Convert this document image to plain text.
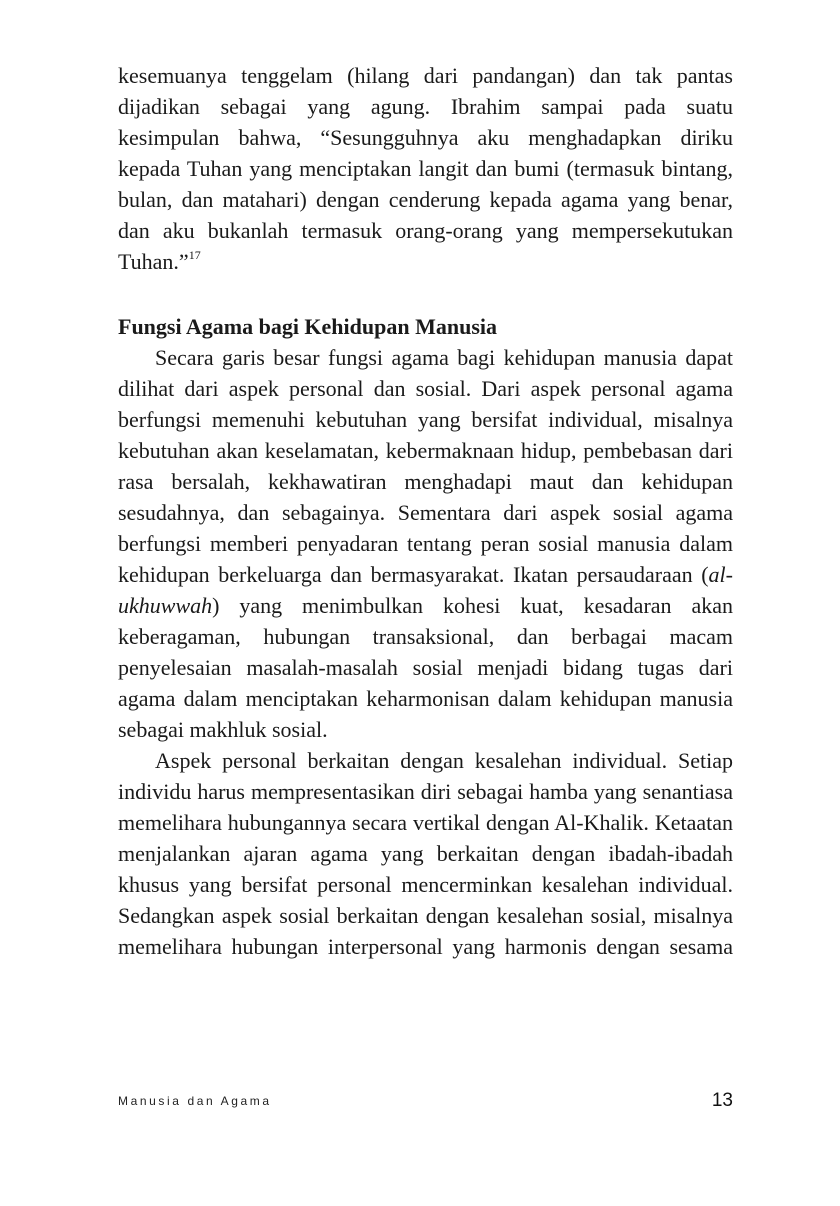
kesemuanya tenggelam (hilang dari pandangan) dan tak pantas dijadikan sebagai yang agung. Ibrahim sampai pada suatu kesimpulan bahwa, “Sesungguhnya aku menghadapkan diriku kepada Tuhan yang menciptakan langit dan bumi (termasuk bintang, bulan, dan matahari) dengan cenderung kepada agama yang benar, dan aku bukanlah termasuk orang-orang yang mempersekutukan Tuhan.”$^{17}$

Fungsi Agama bagi Kehidupan Manusia

Secara garis besar fungsi agama bagi kehidupan manusia dapat dilihat dari aspek personal dan sosial. Dari aspek personal agama berfungsi memenuhi kebutuhan yang bersifat individual, misalnya kebutuhan akan keselamatan, kebermaknaan hidup, pembebasan dari rasa bersalah, kekhawatiran menghadapi maut dan kehidupan sesudahnya, dan sebagainya. Sementara dari aspek sosial agama berfungsi memberi penyadaran tentang peran sosial manusia dalam kehidupan berkeluarga dan bermasyarakat. Ikatan persaudaraan (al-ukhuwwah) yang menimbulkan kohesi kuat, kesadaran akan keberagaman, hubungan transaksional, dan berbagai macam penyelesaian masalah-masalah sosial menjadi bidang tugas dari agama dalam menciptakan keharmonisan dalam kehidupan manusia sebagai makhluk sosial.

Aspek personal berkaitan dengan kesalehan individual. Setiap individu harus mempresentasikan diri sebagai hamba yang senantiasa memelihara hubungannya secara vertikal dengan Al-Khalik. Ketaatan menjalankan ajaran agama yang berkaitan dengan ibadah-ibadah khusus yang bersifat personal mencerminkan kesalehan individual. Sedangkan aspek sosial berkaitan dengan kesalehan sosial, misalnya memelihara hubungan interpersonal yang harmonis dengan sesama

Manusia dan Agama	13
